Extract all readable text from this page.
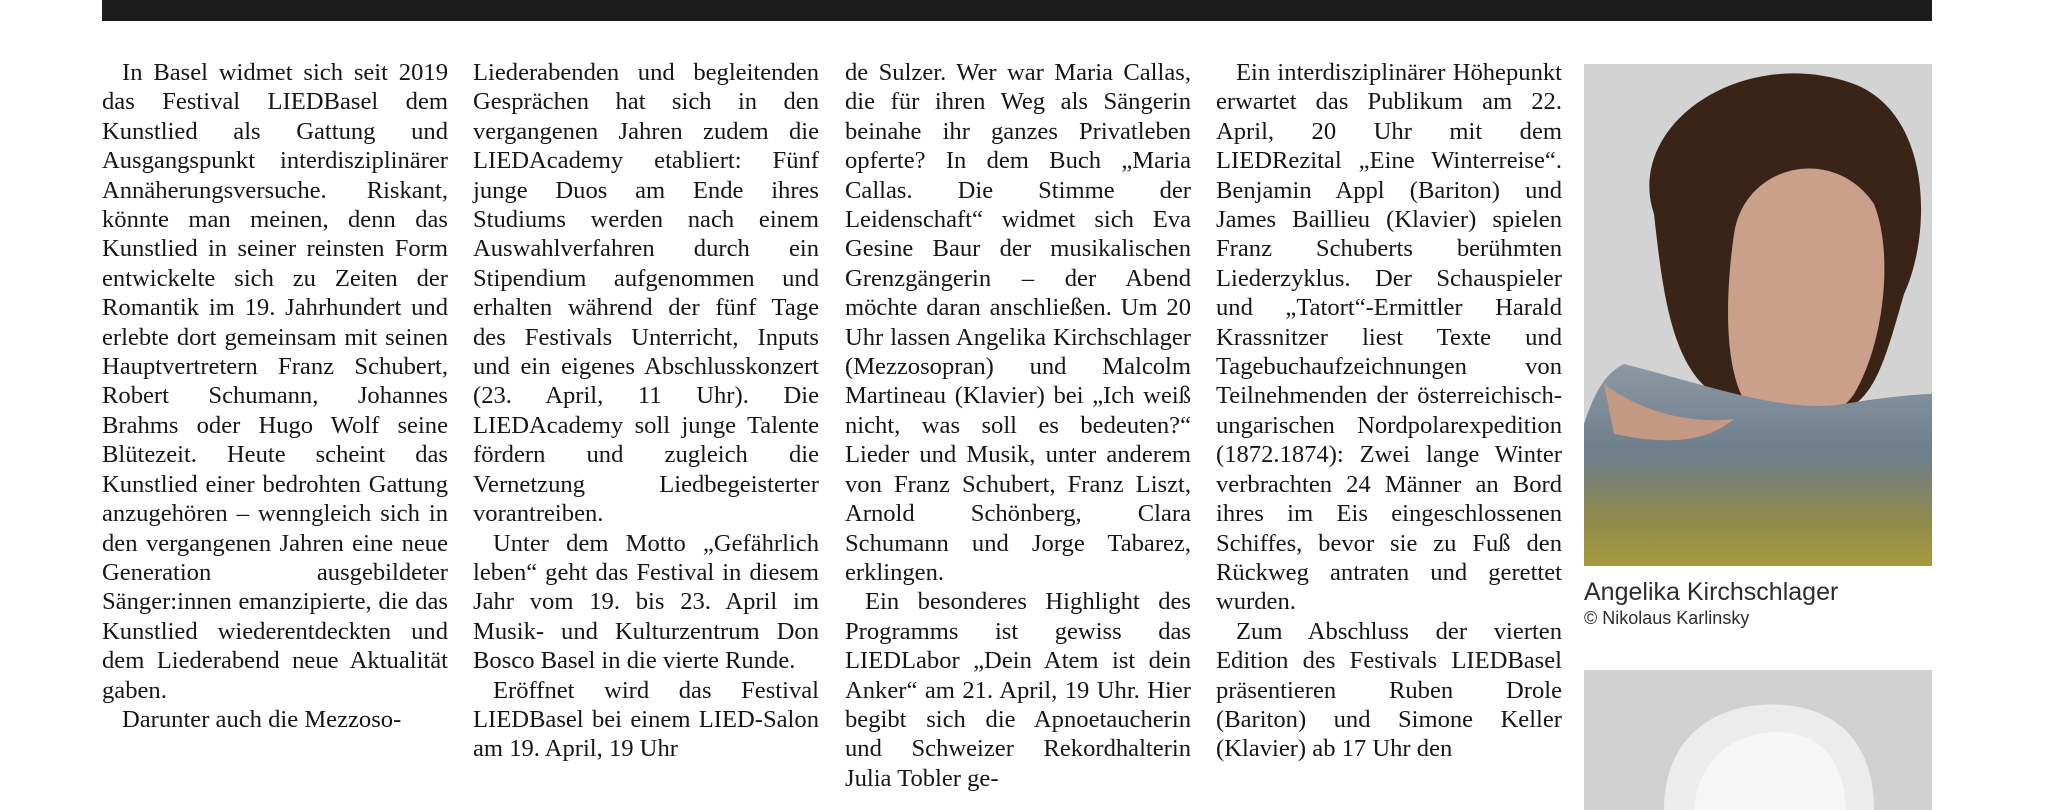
In Basel widmet sich seit 2019 das Festival LIEDBasel dem Kunstlied als Gattung und Ausgangspunkt interdisziplinärer Annäherungsversuche. Riskant, könnte man meinen, denn das Kunstlied in seiner reinsten Form entwickelte sich zu Zeiten der Romantik im 19. Jahrhundert und erlebte dort gemeinsam mit seinen Hauptvertretern Franz Schubert, Robert Schumann, Johannes Brahms oder Hugo Wolf seine Blütezeit. Heute scheint das Kunstlied einer bedrohten Gattung anzugehören – wenngleich sich in den vergangenen Jahren eine neue Generation ausgebildeter Sänger:innen emanzipierte, die das Kunstlied wiederentdeckten und dem Liederabend neue Aktualität gaben.

Darunter auch die Mezzoso-

Liederabenden und begleitenden Gesprächen hat sich in den vergangenen Jahren zudem die LIEDAcademy etabliert: Fünf junge Duos am Ende ihres Studiums werden nach einem Auswahlverfahren durch ein Stipendium aufgenommen und erhalten während der fünf Tage des Festivals Unterricht, Inputs und ein eigenes Abschlusskonzert (23. April, 11 Uhr). Die LIEDAcademy soll junge Talente fördern und zugleich die Vernetzung Liedbegeisterter vorantreiben.

Unter dem Motto „Gefährlich leben“ geht das Festival in diesem Jahr vom 19. bis 23. April im Musik- und Kulturzentrum Don Bosco Basel in die vierte Runde.

Eröffnet wird das Festival LIEDBasel bei einem LIED-Salon am 19. April, 19 Uhr

de Sulzer. Wer war Maria Callas, die für ihren Weg als Sängerin beinahe ihr ganzes Privatleben opferte? In dem Buch „Maria Callas. Die Stimme der Leidenschaft“ widmet sich Eva Gesine Baur der musikalischen Grenzgängerin – der Abend möchte daran anschließen. Um 20 Uhr lassen Angelika Kirchschlager (Mezzosopran) und Malcolm Martineau (Klavier) bei „Ich weiß nicht, was soll es bedeuten?“ Lieder und Musik, unter anderem von Franz Schubert, Franz Liszt, Arnold Schönberg, Clara Schumann und Jorge Tabarez, erklingen.

Ein besonderes Highlight des Programms ist gewiss das LIEDLabor „Dein Atem ist dein Anker“ am 21. April, 19 Uhr. Hier begibt sich die Apnoetaucherin und Schweizer Rekordhalterin Julia Tobler ge-

Ein interdisziplinärer Höhepunkt erwartet das Publikum am 22. April, 20 Uhr mit dem LIEDRezital „Eine Winterreise“. Benjamin Appl (Bariton) und James Baillieu (Klavier) spielen Franz Schuberts berühmten Liederzyklus. Der Schauspieler und „Tatort“-Ermittler Harald Krassnitzer liest Texte und Tagebuchaufzeichnungen von Teilnehmenden der österreichisch-ungarischen Nordpolarexpedition (1872.1874): Zwei lange Winter verbrachten 24 Männer an Bord ihres im Eis eingeschlossenen Schiffes, bevor sie zu Fuß den Rückweg antraten und gerettet wurden.

Zum Abschluss der vierten Edition des Festivals LIEDBasel präsentieren Ruben Drole (Bariton) und Simone Keller (Klavier) ab 17 Uhr den

Angelika Kirchschlager
© Nikolaus Karlinsky
